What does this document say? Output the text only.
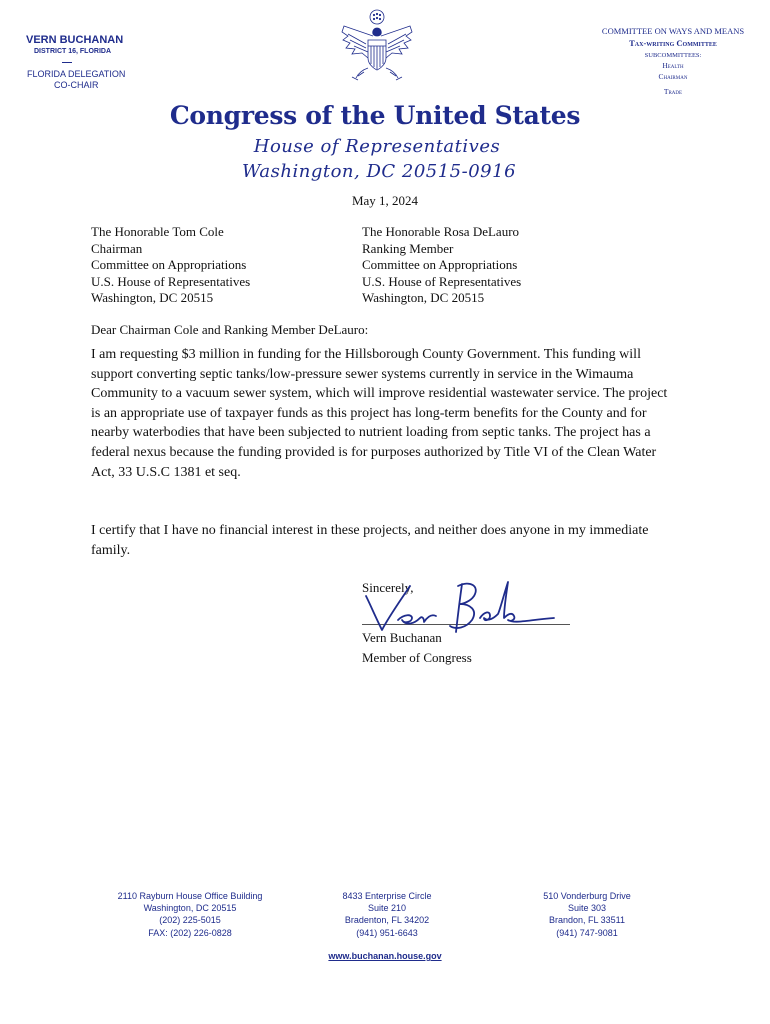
VERN BUCHANAN
DISTRICT 16, FLORIDA
FLORIDA DELEGATION
CO-CHAIR
COMMITTEE ON WAYS AND MEANS
Tax-writing Committee
SUBCOMMITTEES:
Health
Chairman
Trade
Congress of the United States
House of Representatives
Washington, DC 20515-0916
May 1, 2024
The Honorable Tom Cole
Chairman
Committee on Appropriations
U.S. House of Representatives
Washington, DC 20515
The Honorable Rosa DeLauro
Ranking Member
Committee on Appropriations
U.S. House of Representatives
Washington, DC 20515
Dear Chairman Cole and Ranking Member DeLauro:
I am requesting $3 million in funding for the Hillsborough County Government. This funding will support converting septic tanks/low-pressure sewer systems currently in service in the Wimauma Community to a vacuum sewer system, which will improve residential wastewater service. The project is an appropriate use of taxpayer funds as this project has long-term benefits for the County and for nearby waterbodies that have been subjected to nutrient loading from septic tanks. The project has a federal nexus because the funding provided is for purposes authorized by Title VI of the Clean Water Act, 33 U.S.C 1381 et seq.
I certify that I have no financial interest in these projects, and neither does anyone in my immediate family.
Sincerely,
Vern Buchanan
Member of Congress
2110 Rayburn House Office Building
Washington, DC 20515
(202) 225-5015
FAX: (202) 226-0828
8433 Enterprise Circle
Suite 210
Bradenton, FL 34202
(941) 951-6643
510 Vonderburg Drive
Suite 303
Brandon, FL 33511
(941) 747-9081
www.buchanan.house.gov
